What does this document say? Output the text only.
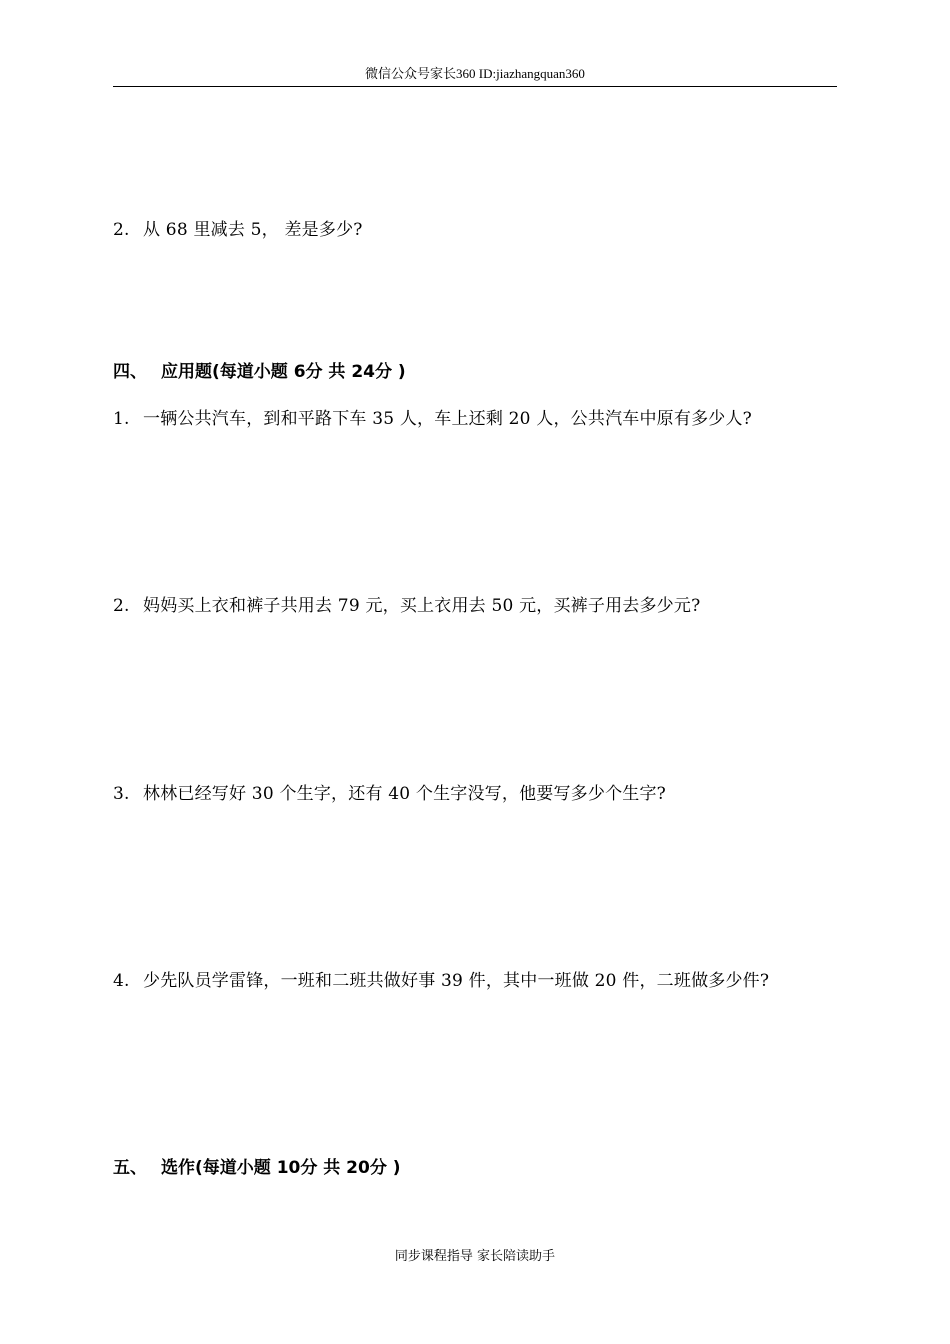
微信公众号家长360 ID:jiazhangquan360
2. 从 68 里减去 5， 差是多少?
四、 应用题(每道小题 6分 共 24分 )
1. 一辆公共汽车，到和平路下车 35 人，车上还剩 20 人，公共汽车中原有多少人?
2. 妈妈买上衣和裤子共用去 79 元，买上衣用去 50 元，买裤子用去多少元?
3. 林林已经写好 30 个生字，还有 40 个生字没写，他要写多少个生字?
4. 少先队员学雷锋，一班和二班共做好事 39 件，其中一班做 20 件，二班做多少件?
五、 选作(每道小题 10分 共 20分 )
同步课程指导 家长陪读助手
